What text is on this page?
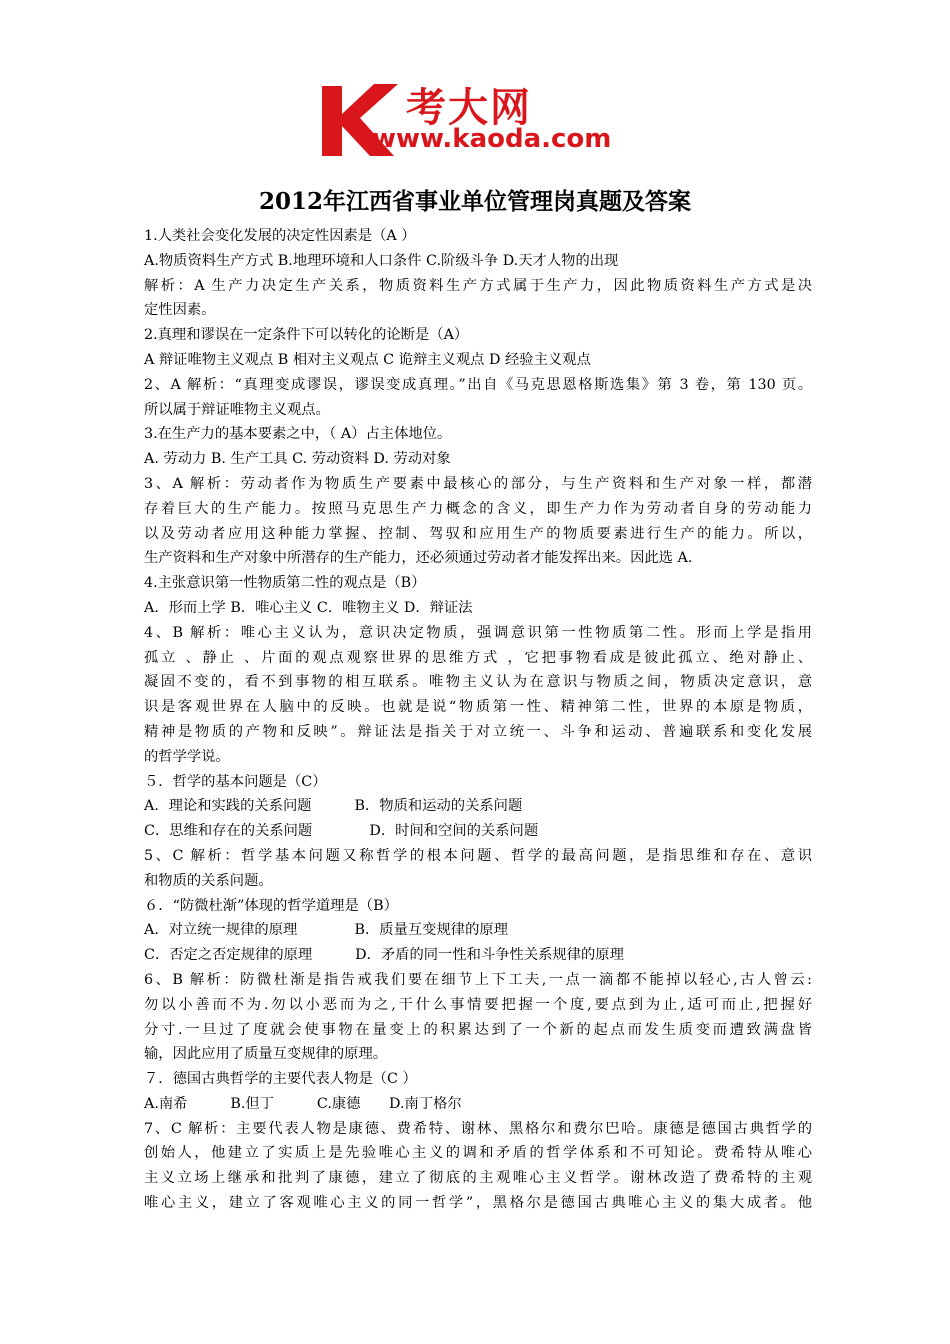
考大网
www.kaoda.com
2012年江西省事业单位管理岗真题及答案
1.人类社会变化发展的决定性因素是（A ）
A.物质资料生产方式 B.地理环境和人口条件 C.阶级斗争 D.天才人物的出现
解析：A 生产力决定生产关系，物质资料生产方式属于生产力，因此物质资料生产方式是决
定性因素。
2.真理和谬误在一定条件下可以转化的论断是（A）
A 辩证唯物主义观点 B 相对主义观点 C 诡辩主义观点 D 经验主义观点
2、A 解析：“真理变成谬误，谬误变成真理。”出自《马克思恩格斯选集》第 3 卷，第 130 页。
所以属于辩证唯物主义观点。
3.在生产力的基本要素之中，（ A）占主体地位。
A. 劳动力 B. 生产工具 C. 劳动资料 D. 劳动对象
3、A 解析：劳动者作为物质生产要素中最核心的部分，与生产资料和生产对象一样，都潜
存着巨大的生产能力。按照马克思生产力概念的含义，即生产力作为劳动者自身的劳动能力
以及劳动者应用这种能力掌握、控制、驾驭和应用生产的物质要素进行生产的能力。所以，
生产资料和生产对象中所潜存的生产能力，还必须通过劳动者才能发挥出来。因此选 A.
4.主张意识第一性物质第二性的观点是（B）
A．形而上学 B．唯心主义 C．唯物主义 D．辩证法
4、B 解析：唯心主义认为，意识决定物质，强调意识第一性物质第二性。形而上学是指用
孤立 、静止 、片面的观点观察世界的思维方式 ，它把事物看成是彼此孤立、绝对静止、
凝固不变的，看不到事物的相互联系。唯物主义认为在意识与物质之间，物质决定意识，意
识是客观世界在人脑中的反映。也就是说“物质第一性、精神第二性，世界的本原是物质，
精神是物质的产物和反映”。辩证法是指关于对立统一、斗争和运动、普遍联系和变化发展
的哲学学说。
５．哲学的基本问题是（C）
A．理论和实践的关系问题　　　B．物质和运动的关系问题
C．思维和存在的关系问题　　　　D．时间和空间的关系问题
5、C 解析：哲学基本问题又称哲学的根本问题、哲学的最高问题，是指思维和存在、意识
和物质的关系问题。
６．“防微杜渐”体现的哲学道理是（B）
A．对立统一规律的原理　　　　B．质量互变规律的原理
C．否定之否定规律的原理　　　D．矛盾的同一性和斗争性关系规律的原理
6、B 解析：防微杜渐是指告戒我们要在细节上下工夫,一点一滴都不能掉以轻心,古人曾云:
勿以小善而不为.勿以小恶而为之,干什么事情要把握一个度,要点到为止,适可而止,把握好
分寸.一旦过了度就会使事物在量变上的积累达到了一个新的起点而发生质变而遭致满盘皆
输，因此应用了质量互变规律的原理。
７．德国古典哲学的主要代表人物是（C ）
A.南希　　　B.但丁　　　C.康德　　D.南丁格尔
7、C 解析：主要代表人物是康德、费希特、谢林、黑格尔和费尔巴哈。康德是德国古典哲学的
创始人，他建立了实质上是先验唯心主义的调和矛盾的哲学体系和不可知论。费希特从唯心
主义立场上继承和批判了康德，建立了彻底的主观唯心主义哲学。谢林改造了费希特的主观
唯心主义，建立了客观唯心主义的同一哲学”，黑格尔是德国古典唯心主义的集大成者。他
